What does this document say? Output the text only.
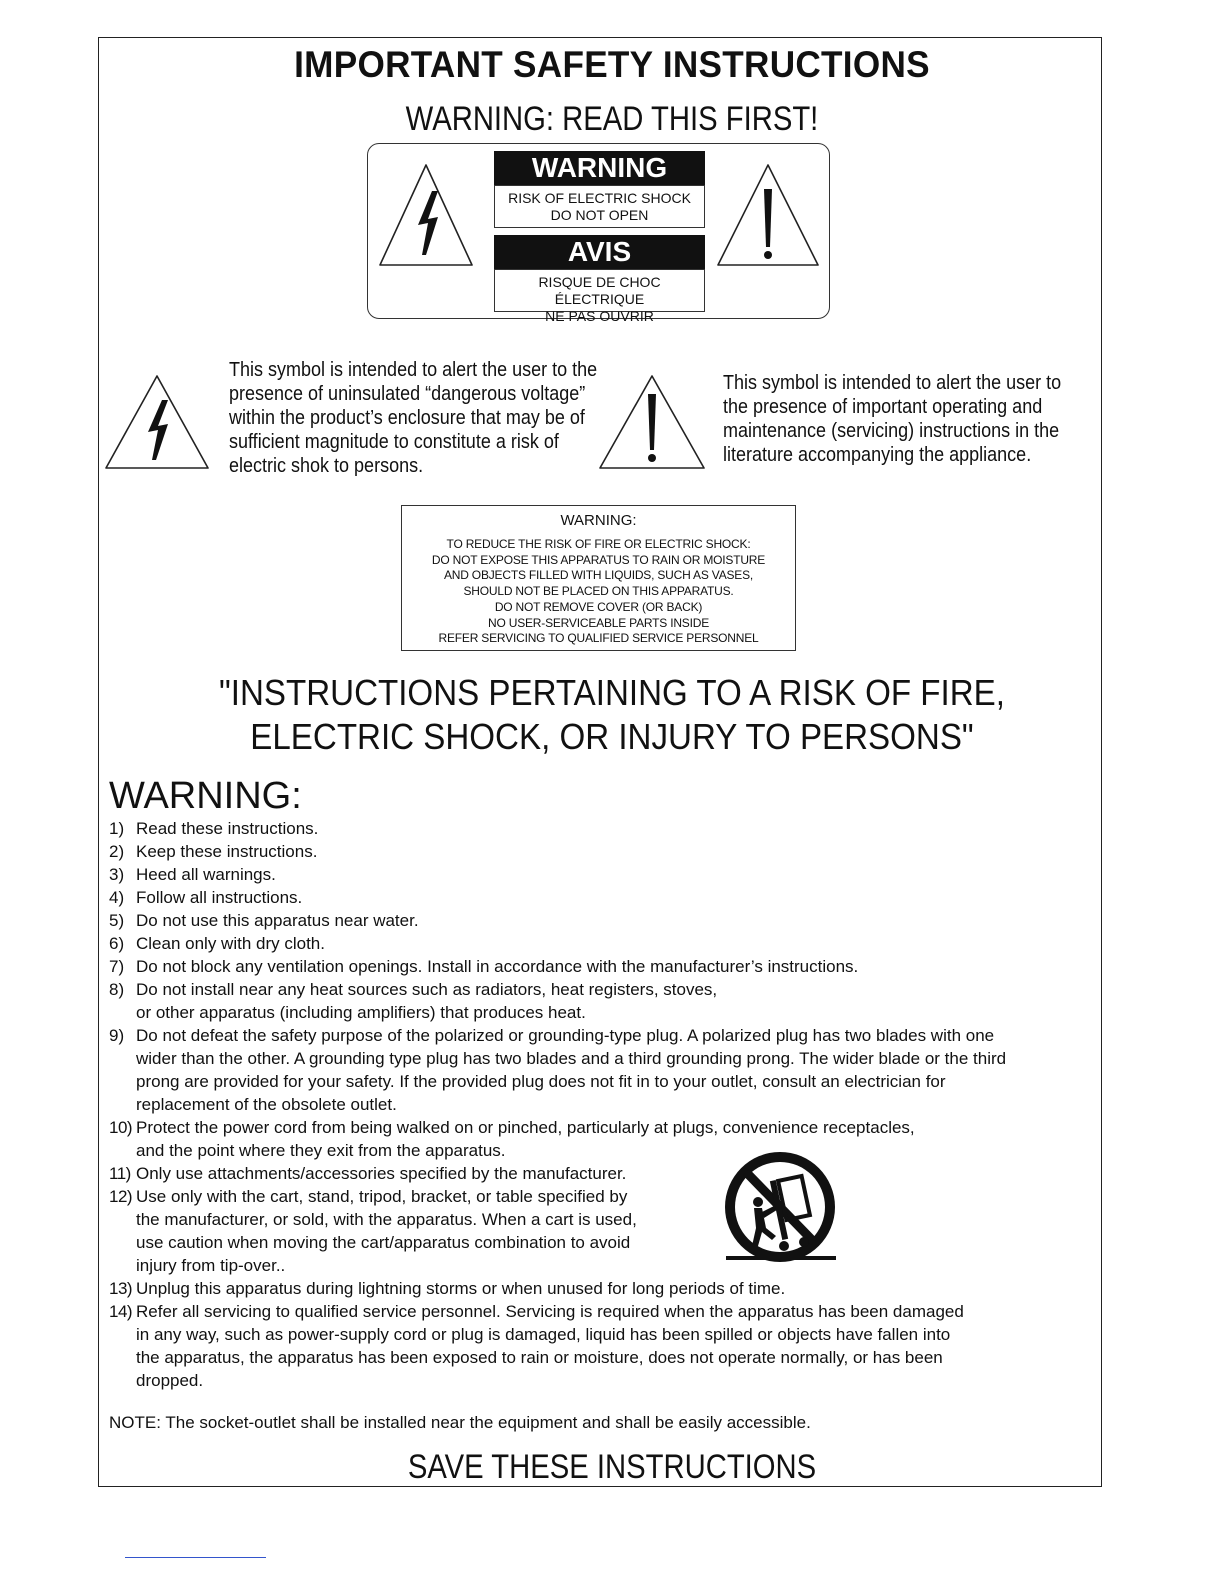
IMPORTANT SAFETY INSTRUCTIONS
WARNING: READ THIS FIRST!
WARNING
RISK OF ELECTRIC SHOCK
DO NOT OPEN
AVIS
RISQUE DE CHOC ÉLECTRIQUE
NE PAS OUVRIR
This symbol is intended to alert the user to the
presence of uninsulated “dangerous voltage”
within the product’s enclosure that may be of
sufficient magnitude to constitute a risk of
electric shok to persons.
This symbol is intended to alert the user to
the presence of important operating and
maintenance (servicing) instructions in the
literature accompanying the appliance.
WARNING:
TO REDUCE THE RISK OF FIRE OR ELECTRIC SHOCK:
DO NOT EXPOSE THIS APPARATUS TO RAIN OR MOISTURE
AND OBJECTS FILLED WITH LIQUIDS, SUCH AS VASES,
SHOULD NOT BE PLACED ON THIS APPARATUS.
DO NOT REMOVE COVER (OR BACK)
NO USER-SERVICEABLE PARTS INSIDE
REFER SERVICING TO QUALIFIED SERVICE PERSONNEL
"INSTRUCTIONS PERTAINING TO A RISK OF FIRE,
ELECTRIC SHOCK, OR INJURY TO PERSONS"
WARNING:
1) Read these instructions.
2) Keep these instructions.
3) Heed all warnings.
4) Follow all instructions.
5) Do not use this apparatus near water.
6) Clean only with dry cloth.
7) Do not block any ventilation openings. Install in accordance with the manufacturer’s instructions.
8) Do not install near any heat sources such as radiators, heat registers, stoves,
or other apparatus (including amplifiers) that produces heat.
9) Do not defeat the safety purpose of the polarized or grounding-type plug. A polarized plug has two blades with one
wider than the other. A grounding type plug has two blades and a third grounding prong. The wider blade or the third
prong are provided for your safety. If the provided plug does not fit in to your outlet, consult an electrician for
replacement of the obsolete outlet.
10) Protect the power cord from being walked on or pinched, particularly at plugs, convenience receptacles,
and the point where they exit from the apparatus.
11) Only use attachments/accessories specified by the manufacturer.
12) Use only with the cart, stand, tripod, bracket, or table specified by
the manufacturer, or sold, with the apparatus. When a cart is used,
use caution when moving the cart/apparatus combination to avoid
injury from tip-over..
13) Unplug this apparatus during lightning storms or when unused for long periods of time.
14) Refer all servicing to qualified service personnel. Servicing is required when the apparatus has been damaged
in any way, such as power-supply cord or plug is damaged, liquid has been spilled or objects have fallen into
the apparatus, the apparatus has been exposed to rain or moisture, does not operate normally, or has been
dropped.
NOTE: The socket-outlet shall be installed near the equipment and shall be easily accessible.
SAVE THESE INSTRUCTIONS
